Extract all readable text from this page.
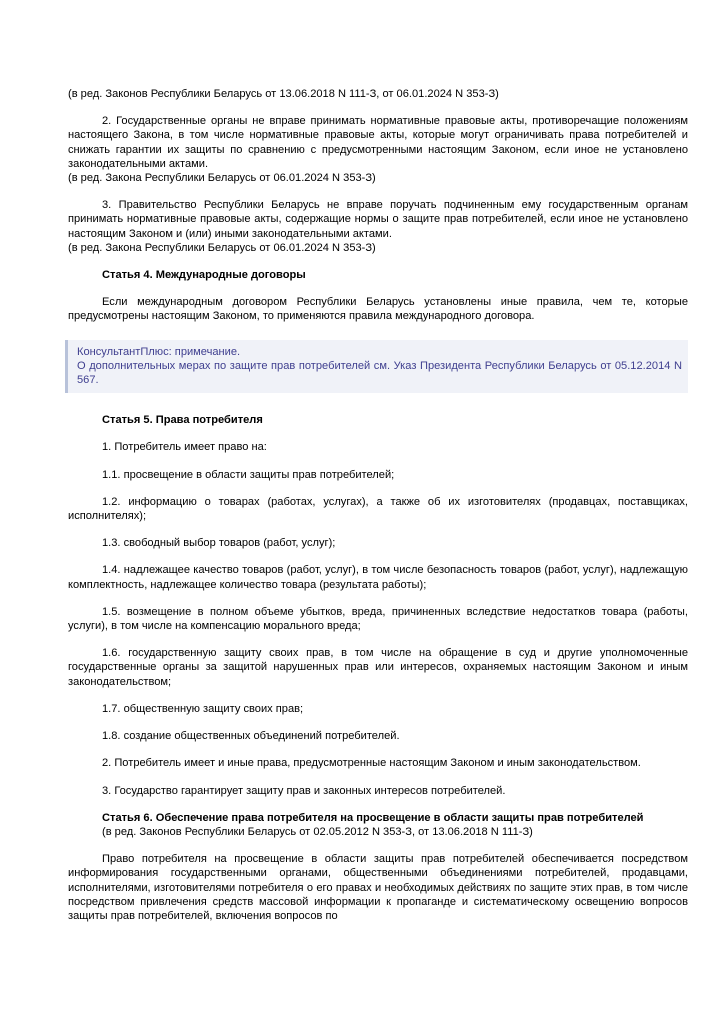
(в ред. Законов Республики Беларусь от 13.06.2018 N 111-З, от 06.01.2024 N 353-З)
2. Государственные органы не вправе принимать нормативные правовые акты, противоречащие положениям настоящего Закона, в том числе нормативные правовые акты, которые могут ограничивать права потребителей и снижать гарантии их защиты по сравнению с предусмотренными настоящим Законом, если иное не установлено законодательными актами.
(в ред. Закона Республики Беларусь от 06.01.2024 N 353-З)
3. Правительство Республики Беларусь не вправе поручать подчиненным ему государственным органам принимать нормативные правовые акты, содержащие нормы о защите прав потребителей, если иное не установлено настоящим Законом и (или) иными законодательными актами.
(в ред. Закона Республики Беларусь от 06.01.2024 N 353-З)
Статья 4. Международные договоры
Если международным договором Республики Беларусь установлены иные правила, чем те, которые предусмотрены настоящим Законом, то применяются правила международного договора.
КонсультантПлюс: примечание.
О дополнительных мерах по защите прав потребителей см. Указ Президента Республики Беларусь от 05.12.2014 N 567.
Статья 5. Права потребителя
1. Потребитель имеет право на:
1.1. просвещение в области защиты прав потребителей;
1.2. информацию о товарах (работах, услугах), а также об их изготовителях (продавцах, поставщиках, исполнителях);
1.3. свободный выбор товаров (работ, услуг);
1.4. надлежащее качество товаров (работ, услуг), в том числе безопасность товаров (работ, услуг), надлежащую комплектность, надлежащее количество товара (результата работы);
1.5. возмещение в полном объеме убытков, вреда, причиненных вследствие недостатков товара (работы, услуги), в том числе на компенсацию морального вреда;
1.6. государственную защиту своих прав, в том числе на обращение в суд и другие уполномоченные государственные органы за защитой нарушенных прав или интересов, охраняемых настоящим Законом и иным законодательством;
1.7. общественную защиту своих прав;
1.8. создание общественных объединений потребителей.
2. Потребитель имеет и иные права, предусмотренные настоящим Законом и иным законодательством.
3. Государство гарантирует защиту прав и законных интересов потребителей.
Статья 6. Обеспечение права потребителя на просвещение в области защиты прав потребителей
(в ред. Законов Республики Беларусь от 02.05.2012 N 353-З, от 13.06.2018 N 111-З)
Право потребителя на просвещение в области защиты прав потребителей обеспечивается посредством информирования государственными органами, общественными объединениями потребителей, продавцами, исполнителями, изготовителями потребителя о его правах и необходимых действиях по защите этих прав, в том числе посредством привлечения средств массовой информации к пропаганде и систематическому освещению вопросов защиты прав потребителей, включения вопросов по
